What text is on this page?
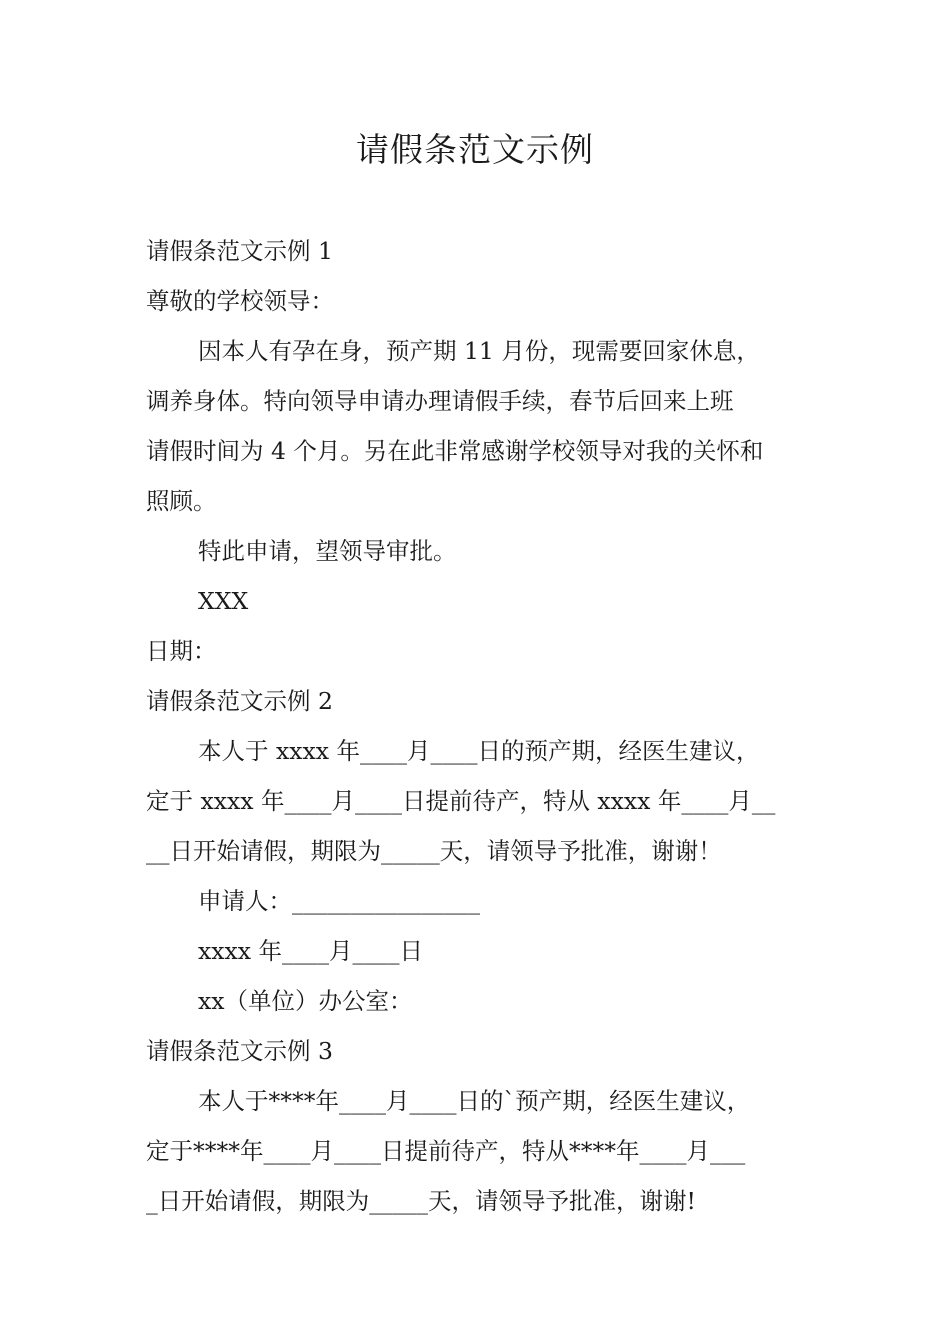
请假条范文示例

请假条范文示例 1

尊敬的学校领导：

因本人有孕在身，预产期 11 月份，现需要回家休息，

调养身体。特向领导申请办理请假手续，春节后回来上班

请假时间为 4 个月。另在此非常感谢学校领导对我的关怀和

照顾。

特此申请，望领导审批。

XXX

日期：

请假条范文示例 2

本人于 xxxx 年____月____日的预产期，经医生建议，

定于 xxxx 年____月____日提前待产，特从 xxxx 年____月__

__日开始请假，期限为_____天，请领导予批准，谢谢！

申请人：________________

xxxx 年____月____日

xx（单位）办公室：

请假条范文示例 3

本人于****年____月____日的`预产期，经医生建议，

定于****年____月____日提前待产，特从****年____月___

_日开始请假，期限为_____天，请领导予批准，谢谢!
